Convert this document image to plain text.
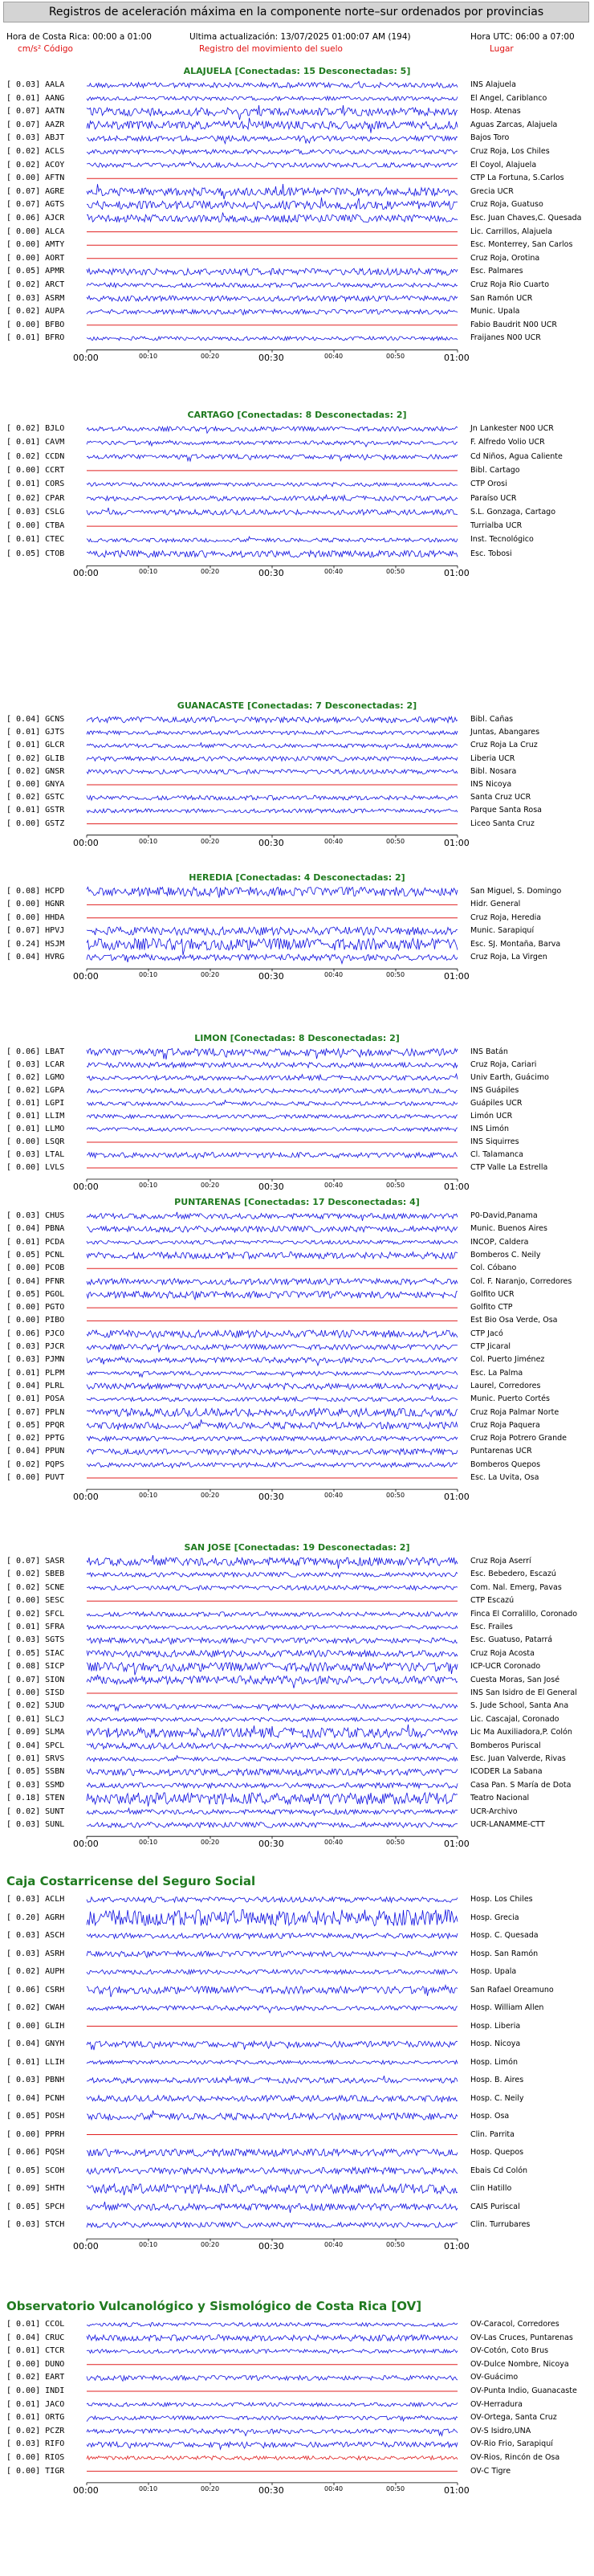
Registros de aceleración máxima en la componente norte–sur ordenados por provincias
Hora de Costa Rica: 00:00 a 01:00	Ultima actualización: 13/07/2025 01:00:07 AM (194)	Hora UTC: 06:00 a 07:00
cm/s² Código	Registro del movimiento del suelo	Lugar
ALAJUELA [Conectadas: 15 Desconectadas: 5]
[ 0.03] AALA	INS Alajuela
[ 0.01] AANG	El Angel, Cariblanco
[ 0.07] AATN	Hosp. Atenas
[ 0.07] AAZR	Aguas Zarcas, Alajuela
[ 0.03] ABJT	Bajos Toro
[ 0.02] ACLS	Cruz Roja, Los Chiles
[ 0.02] ACOY	El Coyol, Alajuela
[ 0.00] AFTN	CTP La Fortuna, S.Carlos
[ 0.07] AGRE	Grecia UCR
[ 0.07] AGTS	Cruz Roja, Guatuso
[ 0.06] AJCR	Esc. Juan Chaves,C. Quesada
[ 0.00] ALCA	Lic. Carrillos, Alajuela
[ 0.00] AMTY	Esc. Monterrey, San Carlos
[ 0.00] AORT	Cruz Roja, Orotina
[ 0.05] APMR	Esc. Palmares
[ 0.02] ARCT	Cruz Roja Rio Cuarto
[ 0.03] ASRM	San Ramón UCR
[ 0.02] AUPA	Munic. Upala
[ 0.00] BFBO	Fabio Baudrit N00 UCR
[ 0.01] BFRO	Fraijanes N00 UCR
00:00	00:10	00:20	00:30	00:40	00:50	01:00
CARTAGO [Conectadas: 8 Desconectadas: 2]
[ 0.02] BJLO	Jn Lankester N00 UCR
[ 0.01] CAVM	F. Alfredo Volio UCR
[ 0.02] CCDN	Cd Niños, Agua Caliente
[ 0.00] CCRT	Bibl. Cartago
[ 0.01] CORS	CTP Orosi
[ 0.02] CPAR	Paraíso UCR
[ 0.03] CSLG	S.L. Gonzaga, Cartago
[ 0.00] CTBA	Turrialba UCR
[ 0.01] CTEC	Inst. Tecnológico
[ 0.05] CTOB	Esc. Tobosi
00:00	00:10	00:20	00:30	00:40	00:50	01:00
GUANACASTE [Conectadas: 7 Desconectadas: 2]
[ 0.04] GCNS	Bibl. Cañas
[ 0.01] GJTS	Juntas, Abangares
[ 0.01] GLCR	Cruz Roja La Cruz
[ 0.02] GLIB	Liberia UCR
[ 0.02] GNSR	Bibl. Nosara
[ 0.00] GNYA	INS Nicoya
[ 0.02] GSTC	Santa Cruz UCR
[ 0.01] GSTR	Parque Santa Rosa
[ 0.00] GSTZ	Liceo Santa Cruz
00:00	00:10	00:20	00:30	00:40	00:50	01:00
HEREDIA [Conectadas: 4 Desconectadas: 2]
[ 0.08] HCPD	San Miguel, S. Domingo
[ 0.00] HGNR	Hidr. General
[ 0.00] HHDA	Cruz Roja, Heredia
[ 0.07] HPVJ	Munic. Sarapiquí
[ 0.24] HSJM	Esc. SJ. Montaña, Barva
[ 0.04] HVRG	Cruz Roja, La Virgen
00:00	00:10	00:20	00:30	00:40	00:50	01:00
LIMON [Conectadas: 8 Desconectadas: 2]
[ 0.06] LBAT	INS Batán
[ 0.03] LCAR	Cruz Roja, Cariari
[ 0.02] LGMO	Univ Earth, Guácimo
[ 0.02] LGPA	INS Guápiles
[ 0.01] LGPI	Guápiles UCR
[ 0.01] LLIM	Limón UCR
[ 0.01] LLMO	INS Limón
[ 0.00] LSQR	INS Siquirres
[ 0.03] LTAL	Cl. Talamanca
[ 0.00] LVLS	CTP Valle La Estrella
00:00	00:10	00:20	00:30	00:40	00:50	01:00
PUNTARENAS [Conectadas: 17 Desconectadas: 4]
[ 0.03] CHUS	P0-David,Panama
[ 0.04] PBNA	Munic. Buenos Aires
[ 0.01] PCDA	INCOP, Caldera
[ 0.05] PCNL	Bomberos C. Neily
[ 0.00] PCOB	Col. Cóbano
[ 0.04] PFNR	Col. F. Naranjo, Corredores
[ 0.05] PGOL	Golfito UCR
[ 0.00] PGTO	Golfito CTP
[ 0.00] PIBO	Est Bio Osa Verde, Osa
[ 0.06] PJCO	CTP Jacó
[ 0.03] PJCR	CTP Jicaral
[ 0.03] PJMN	Col. Puerto Jiménez
[ 0.01] PLPM	Esc. La Palma
[ 0.04] PLRL	Laurel, Corredores
[ 0.01] POSA	Munic. Puerto Cortés
[ 0.07] PPLN	Cruz Roja Palmar Norte
[ 0.05] PPQR	Cruz Roja Paquera
[ 0.02] PPTG	Cruz Roja Potrero Grande
[ 0.04] PPUN	Puntarenas UCR
[ 0.02] PQPS	Bomberos Quepos
[ 0.00] PUVT	Esc. La Uvita, Osa
00:00	00:10	00:20	00:30	00:40	00:50	01:00
SAN JOSE [Conectadas: 19 Desconectadas: 2]
[ 0.07] SASR	Cruz Roja Aserrí
[ 0.02] SBEB	Esc. Bebedero, Escazú
[ 0.02] SCNE	Com. Nal. Emerg, Pavas
[ 0.00] SESC	CTP Escazú
[ 0.02] SFCL	Finca El Corralillo, Coronado
[ 0.01] SFRA	Esc. Frailes
[ 0.03] SGTS	Esc. Guatuso, Patarrá
[ 0.05] SIAC	Cruz Roja Acosta
[ 0.08] SICP	ICP-UCR Coronado
[ 0.07] SION	Cuesta Moras, San José
[ 0.00] SISD	INS San Isidro de El General
[ 0.02] SJUD	S. Jude School, Santa Ana
[ 0.01] SLCJ	Lic. Cascajal, Coronado
[ 0.09] SLMA	Lic Ma Auxiliadora,P. Colón
[ 0.04] SPCL	Bomberos Puriscal
[ 0.01] SRVS	Esc. Juan Valverde, Rivas
[ 0.05] SSBN	ICODER La Sabana
[ 0.03] SSMD	Casa Pan. S María de Dota
[ 0.18] STEN	Teatro Nacional
[ 0.02] SUNT	UCR-Archivo
[ 0.03] SUNL	UCR-LANAMME-CTT
00:00	00:10	00:20	00:30	00:40	00:50	01:00
Caja Costarricense del Seguro Social
[ 0.03] ACLH	Hosp. Los Chiles
[ 0.20] AGRH	Hosp. Grecia
[ 0.03] ASCH	Hosp. C. Quesada
[ 0.03] ASRH	Hosp. San Ramón
[ 0.02] AUPH	Hosp. Upala
[ 0.06] CSRH	San Rafael Oreamuno
[ 0.02] CWAH	Hosp. William Allen
[ 0.00] GLIH	Hosp. Liberia
[ 0.04] GNYH	Hosp. Nicoya
[ 0.01] LLIH	Hosp. Limón
[ 0.03] PBNH	Hosp. B. Aires
[ 0.04] PCNH	Hosp. C. Neily
[ 0.05] POSH	Hosp. Osa
[ 0.00] PPRH	Clin. Parrita
[ 0.06] PQSH	Hosp. Quepos
[ 0.05] SCOH	Ebais Cd Colón
[ 0.09] SHTH	Clin Hatillo
[ 0.05] SPCH	CAIS Puriscal
[ 0.03] STCH	Clin. Turrubares
00:00	00:10	00:20	00:30	00:40	00:50	01:00
Observatorio Vulcanológico y Sismológico de Costa Rica [OV]
[ 0.01] CCOL	OV-Caracol, Corredores
[ 0.04] CRUC	OV-Las Cruces, Puntarenas
[ 0.01] CTCR	OV-Cotón, Coto Brus
[ 0.00] DUNO	OV-Dulce Nombre, Nicoya
[ 0.02] EART	OV-Guácimo
[ 0.00] INDI	OV-Punta Indio, Guanacaste
[ 0.01] JACO	OV-Herradura
[ 0.01] ORTG	OV-Ortega, Santa Cruz
[ 0.02] PCZR	OV-S Isidro,UNA
[ 0.03] RIFO	OV-Rio Frio, Sarapiquí
[ 0.00] RIOS	OV-Rios, Rincón de Osa
[ 0.00] TIGR	OV-C Tigre
00:00	00:10	00:20	00:30	00:40	00:50	01:00
